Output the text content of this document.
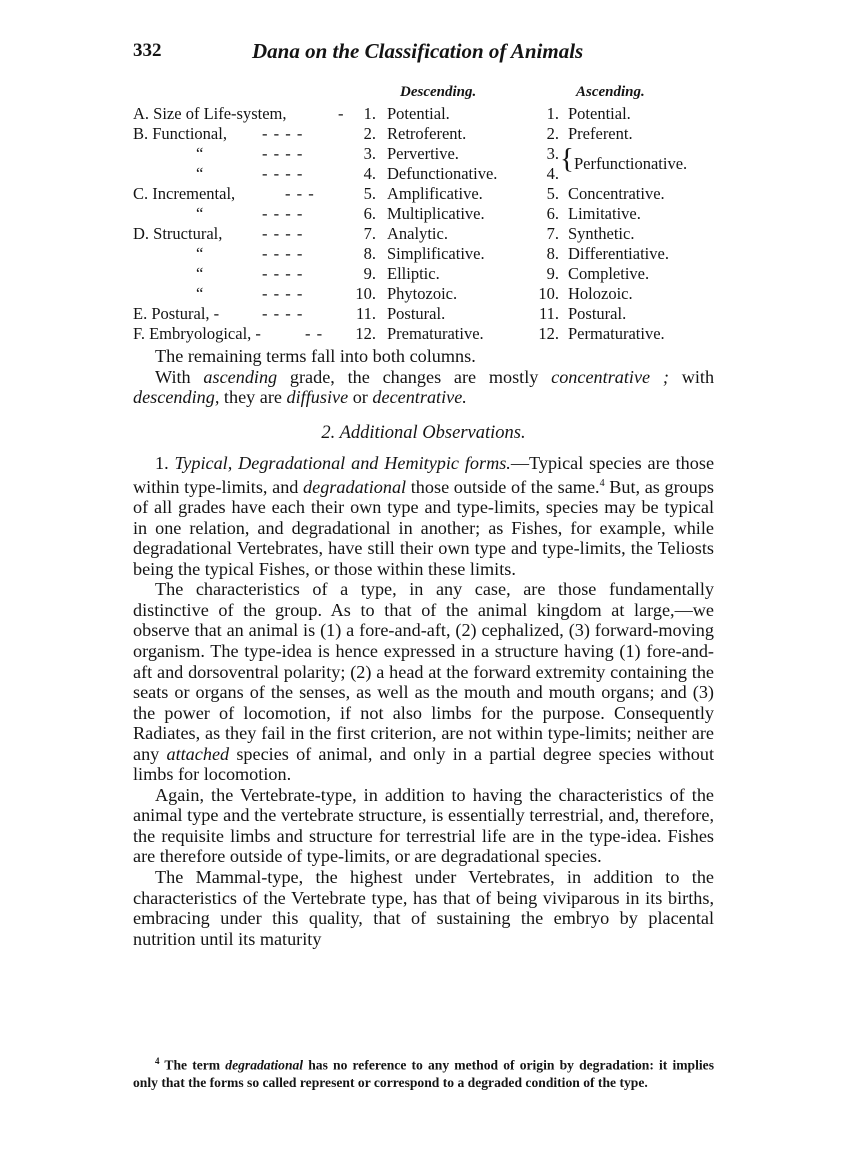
332	Dana on the Classification of Animals
Descending.	Ascending.
A. Size of Life-system,	-	1. Potential.	1. Potential.
B. Functional, - - - -	2. Retroferent.	2. Preferent.
“	- - - -	3. Pervertive.	3.
“	- - - -	4. Defunctionative.	4. { Perfunctionative.
C. Incremental,	- - -	5. Amplificative.	5. Concentrative.
“	- - - -	6. Multiplicative.	6. Limitative.
D. Structural, - - - -	7. Analytic.	7. Synthetic.
“	- - - -	8. Simplificative.	8. Differentiative.
“	- - - -	9. Elliptic.	9. Completive.
“	- - - -	10. Phytozoic.	10. Holozoic.
E. Postural, -	- - - -	11. Postural.	11. Postural.
F. Embryological, -	- -	12. Prematurative.	12. Permaturative.

The remaining terms fall into both columns.

With ascending grade, the changes are mostly concentrative ; with descending, they are diffusive or decentrative.

2. Additional Observations.

1. Typical, Degradational and Hemitypic forms.—Typical species are those within type-limits, and degradational those outside of the same.$^4$ But, as groups of all grades have each their own type and type-limits, species may be typical in one relation, and degradational in another; as Fishes, for example, while degradational Vertebrates, have still their own type and type-limits, the Teliosts being the typical Fishes, or those within these limits.

The characteristics of a type, in any case, are those fundamentally distinctive of the group. As to that of the animal kingdom at large,—we observe that an animal is (1) a fore-and-aft, (2) cephalized, (3) forward-moving organism. The type-idea is hence expressed in a structure having (1) fore-and-aft and dorsoventral polarity; (2) a head at the forward extremity containing the seats or organs of the senses, as well as the mouth and mouth organs; and (3) the power of locomotion, if not also limbs for the purpose. Consequently Radiates, as they fail in the first criterion, are not within type-limits; neither are any attached species of animal, and only in a partial degree species without limbs for locomotion.

Again, the Vertebrate-type, in addition to having the characteristics of the animal type and the vertebrate structure, is essentially terrestrial, and, therefore, the requisite limbs and structure for terrestrial life are in the type-idea. Fishes are therefore outside of type-limits, or are degradational species.

The Mammal-type, the highest under Vertebrates, in addition to the characteristics of the Vertebrate type, has that of being viviparous in its births, embracing under this quality, that of sustaining the embryo by placental nutrition until its maturity

$^4$ The term degradational has no reference to any method of origin by degradation: it implies only that the forms so called represent or correspond to a degraded condition of the type.
